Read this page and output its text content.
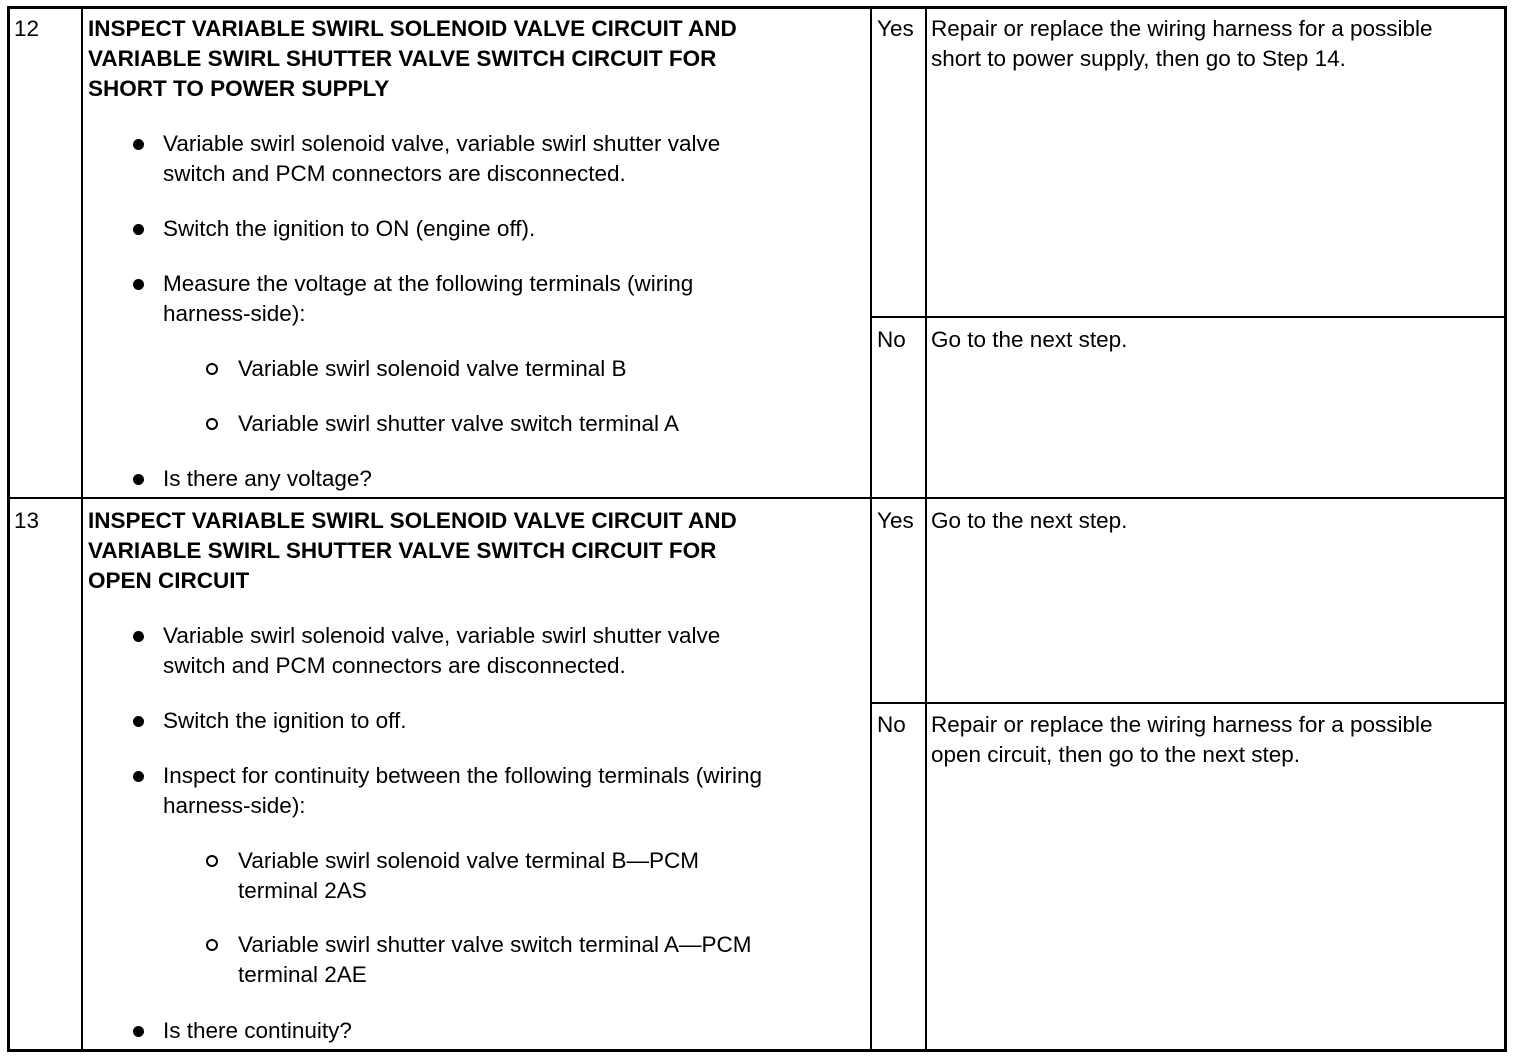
12 INSPECT VARIABLE SWIRL SOLENOID VALVE CIRCUIT AND
VARIABLE SWIRL SHUTTER VALVE SWITCH CIRCUIT FOR
SHORT TO POWER SUPPLY
Variable swirl solenoid valve, variable swirl shutter valve
switch and PCM connectors are disconnected.
Switch the ignition to ON (engine off).
Measure the voltage at the following terminals (wiring
harness-side):
Variable swirl solenoid valve terminal B
Variable swirl shutter valve switch terminal A
Is there any voltage?
Yes Repair or replace the wiring harness for a possible
short to power supply, then go to Step 14.
No Go to the next step.
13 INSPECT VARIABLE SWIRL SOLENOID VALVE CIRCUIT AND
VARIABLE SWIRL SHUTTER VALVE SWITCH CIRCUIT FOR
OPEN CIRCUIT
Variable swirl solenoid valve, variable swirl shutter valve
switch and PCM connectors are disconnected.
Switch the ignition to off.
Inspect for continuity between the following terminals (wiring
harness-side):
Variable swirl solenoid valve terminal B—PCM
terminal 2AS
Variable swirl shutter valve switch terminal A—PCM
terminal 2AE
Is there continuity?
Yes Go to the next step.
No Repair or replace the wiring harness for a possible
open circuit, then go to the next step.
